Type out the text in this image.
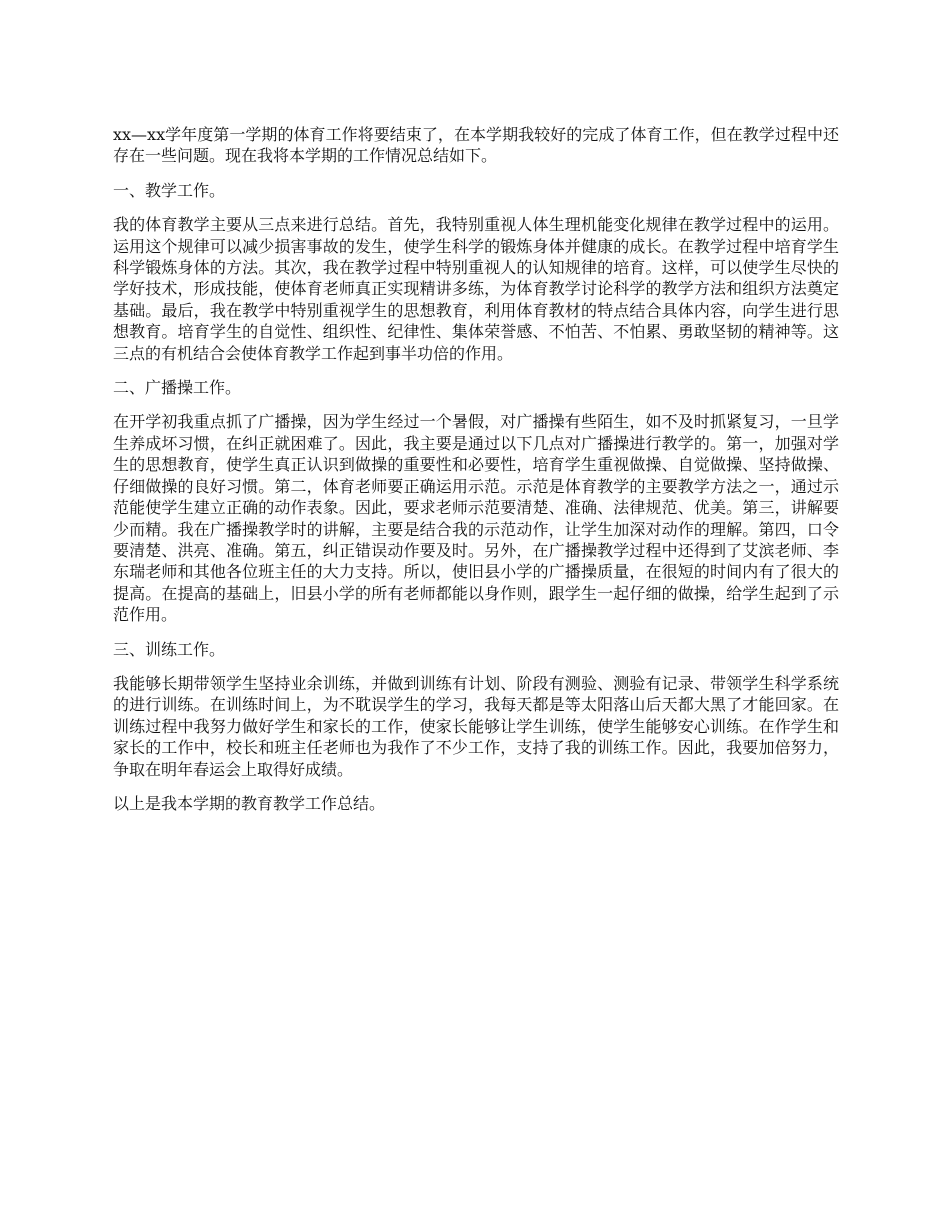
xx—xx学年度第一学期的体育工作将要结束了，在本学期我较好的完成了体育工作，但在教学过程中还存在一些问题。现在我将本学期的工作情况总结如下。

一、教学工作。

我的体育教学主要从三点来进行总结。首先，我特别重视人体生理机能变化规律在教学过程中的运用。运用这个规律可以减少损害事故的发生，使学生科学的锻炼身体并健康的成长。在教学过程中培育学生科学锻炼身体的方法。其次，我在教学过程中特别重视人的认知规律的培育。这样，可以使学生尽快的学好技术，形成技能，使体育老师真正实现精讲多练，为体育教学讨论科学的教学方法和组织方法奠定基础。最后，我在教学中特别重视学生的思想教育，利用体育教材的特点结合具体内容，向学生进行思想教育。培育学生的自觉性、组织性、纪律性、集体荣誉感、不怕苦、不怕累、勇敢坚韧的精神等。这三点的有机结合会使体育教学工作起到事半功倍的作用。

二、广播操工作。

在开学初我重点抓了广播操，因为学生经过一个暑假，对广播操有些陌生，如不及时抓紧复习，一旦学生养成坏习惯，在纠正就困难了。因此，我主要是通过以下几点对广播操进行教学的。第一，加强对学生的思想教育，使学生真正认识到做操的重要性和必要性，培育学生重视做操、自觉做操、坚持做操、仔细做操的良好习惯。第二，体育老师要正确运用示范。示范是体育教学的主要教学方法之一，通过示范能使学生建立正确的动作表象。因此，要求老师示范要清楚、准确、法律规范、优美。第三，讲解要少而精。我在广播操教学时的讲解，主要是结合我的示范动作，让学生加深对动作的理解。第四，口令要清楚、洪亮、准确。第五，纠正错误动作要及时。另外，在广播操教学过程中还得到了艾滨老师、李东瑞老师和其他各位班主任的大力支持。所以，使旧县小学的广播操质量，在很短的时间内有了很大的提高。在提高的基础上，旧县小学的所有老师都能以身作则，跟学生一起仔细的做操，给学生起到了示范作用。

三、训练工作。

我能够长期带领学生坚持业余训练，并做到训练有计划、阶段有测验、测验有记录、带领学生科学系统的进行训练。在训练时间上，为不耽误学生的学习，我每天都是等太阳落山后天都大黑了才能回家。在训练过程中我努力做好学生和家长的工作，使家长能够让学生训练，使学生能够安心训练。在作学生和家长的工作中，校长和班主任老师也为我作了不少工作，支持了我的训练工作。因此，我要加倍努力，争取在明年春运会上取得好成绩。

以上是我本学期的教育教学工作总结。
